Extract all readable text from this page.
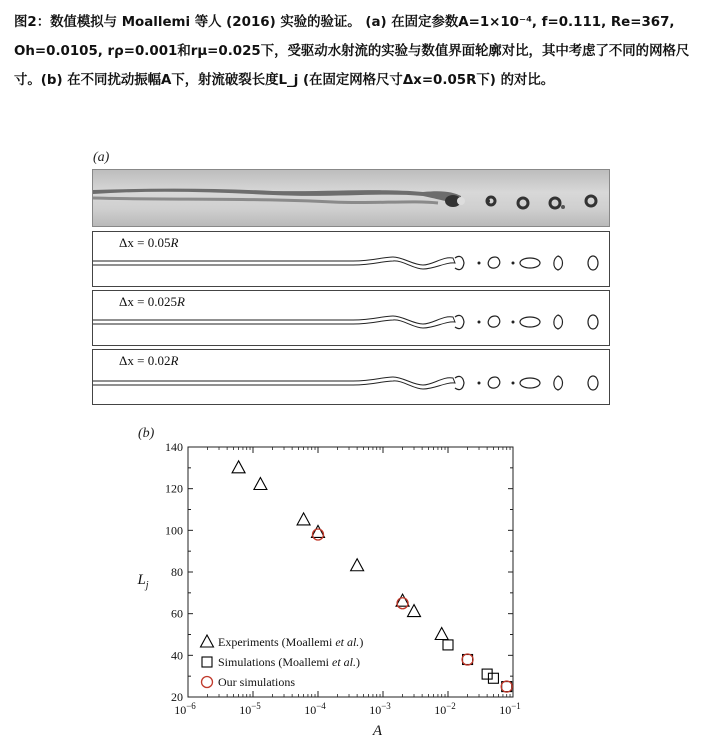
图2：数值模拟与 Moallemi 等人 (2016) 实验的验证。 (a) 在固定参数A=1×10⁻⁴, f=0.111, Re=367, Oh=0.0105, rρ=0.001和rμ=0.025下，受驱动水射流的实验与数值界面轮廓对比，其中考虑了不同的网格尺寸。(b) 在不同扰动振幅A下，射流破裂长度L_j (在固定网格尺寸Δx=0.05R下) 的对比。

(a)
Δx = 0.05R
Δx = 0.025R
Δx = 0.02R
(b)
20
40
60
80
100
120
140
$10^{-6}$	$10^{-5}$	$10^{-4}$	$10^{-3}$	$10^{-2}$	$10^{-1}$
A
$L_j$
Experiments (Moallemi et al.)
Simulations (Moallemi et al.)
Our simulations
